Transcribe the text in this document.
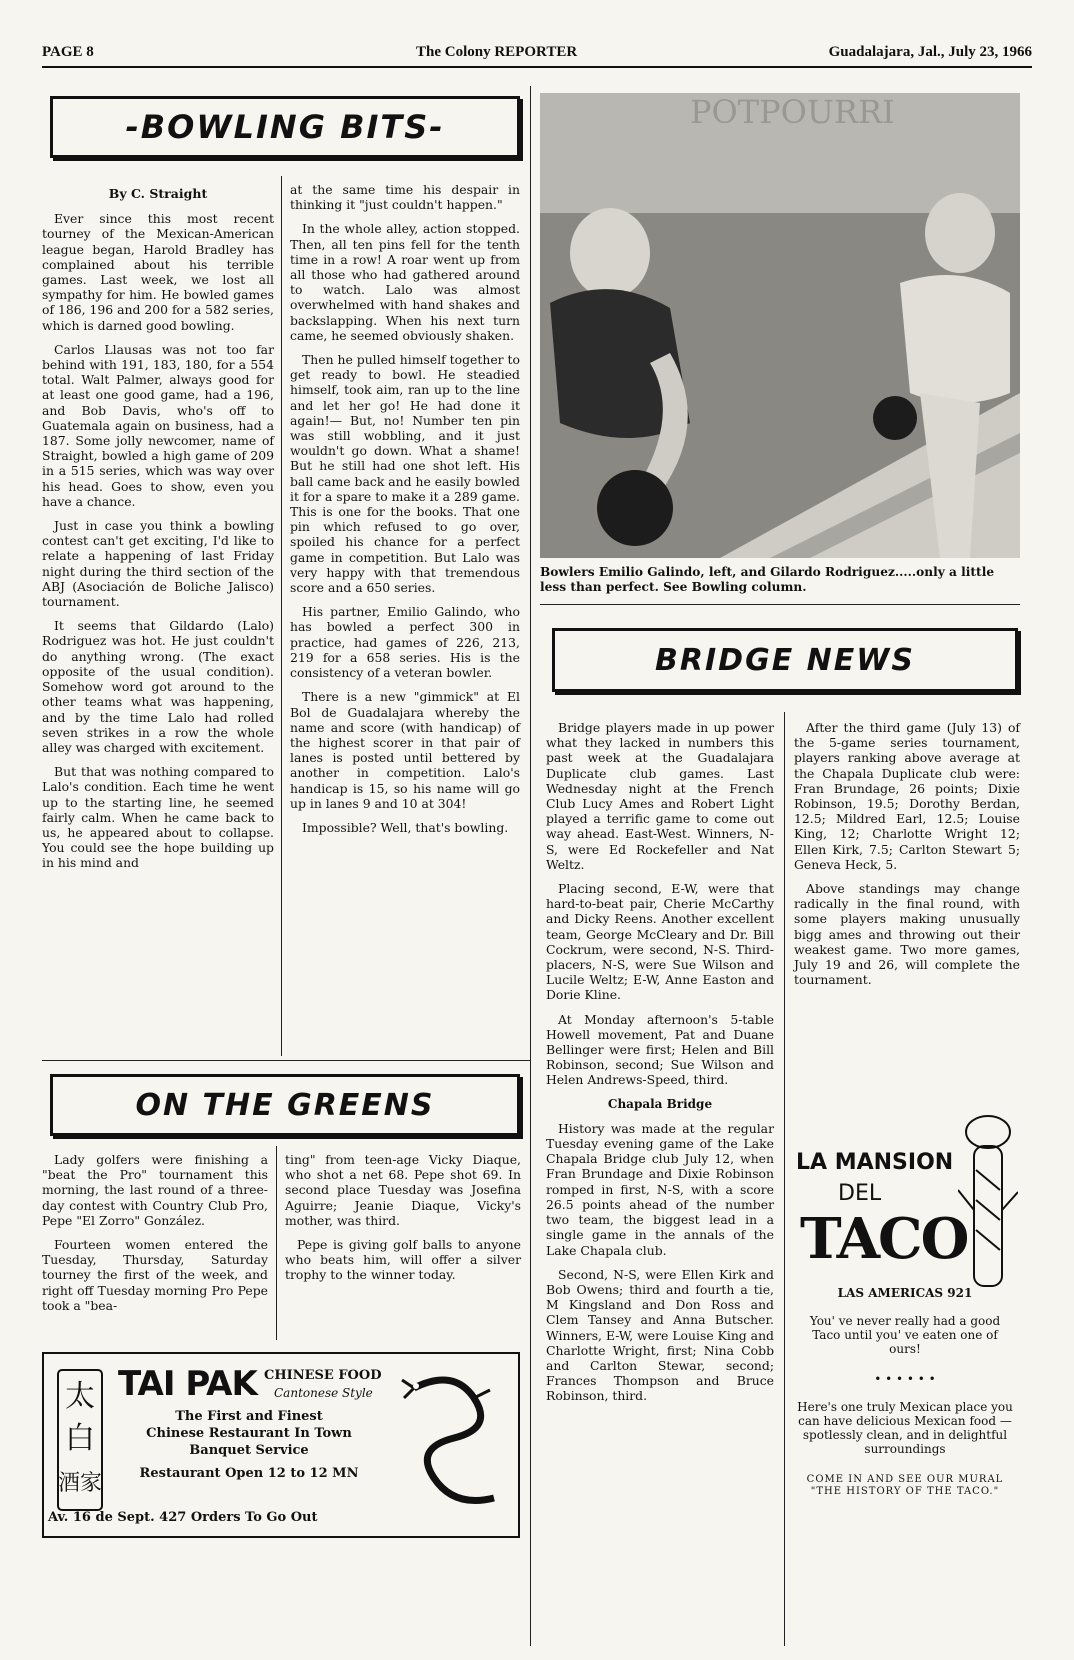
PAGE 8	The Colony REPORTER	Guadalajara, Jal., July 23, 1966
-BOWLING BITS-
By C. Straight

Ever since this most recent tourney of the Mexican-American league began, Harold Bradley has complained about his terrible games. Last week, we lost all sympathy for him. He bowled games of 186, 196 and 200 for a 582 series, which is darned good bowling.

Carlos Llausas was not too far behind with 191, 183, 180, for a 554 total. Walt Palmer, always good for at least one good game, had a 196, and Bob Davis, who's off to Guatemala again on business, had a 187. Some jolly newcomer, name of Straight, bowled a high game of 209 in a 515 series, which was way over his head. Goes to show, even you have a chance.

Just in case you think a bowling contest can't get exciting, I'd like to relate a happening of last Friday night during the third section of the ABJ (Asociación de Boliche Jalisco) tournament.

It seems that Gildardo (Lalo) Rodriguez was hot. He just couldn't do anything wrong. (The exact opposite of the usual condition). Somehow word got around to the other teams what was happening, and by the time Lalo had rolled seven strikes in a row the whole alley was charged with excitement.

But that was nothing compared to Lalo's condition. Each time he went up to the starting line, he seemed fairly calm. When he came back to us, he appeared about to collapse. You could see the hope building up in his mind and

at the same time his despair in thinking it "just couldn't happen."

In the whole alley, action stopped. Then, all ten pins fell for the tenth time in a row! A roar went up from all those who had gathered around to watch. Lalo was almost overwhelmed with hand shakes and backslapping. When his next turn came, he seemed obviously shaken.

Then he pulled himself together to get ready to bowl. He steadied himself, took aim, ran up to the line and let her go! He had done it again!— But, no! Number ten pin was still wobbling, and it just wouldn't go down. What a shame! But he still had one shot left. His ball came back and he easily bowled it for a spare to make it a 289 game. This is one for the books. That one pin which refused to go over, spoiled his chance for a perfect game in competition. But Lalo was very happy with that tremendous score and a 650 series.

His partner, Emilio Galindo, who has bowled a perfect 300 in practice, had games of 226, 213, 219 for a 658 series. His is the consistency of a veteran bowler.

There is a new "gimmick" at El Bol de Guadalajara whereby the name and score (with handicap) of the highest scorer in that pair of lanes is posted until bettered by another in competition. Lalo's handicap is 15, so his name will go up in lanes 9 and 10 at 304!

Impossible? Well, that's bowling.

POTPOURRI
Bowlers Emilio Galindo, left, and Gilardo Rodriguez.....only a little less than perfect. See Bowling column.
BRIDGE NEWS

Bridge players made in up power what they lacked in numbers this past week at the Guadalajara Duplicate club games. Last Wednesday night at the French Club Lucy Ames and Robert Light played a terrific game to come out way ahead. East-West. Winners, N-S, were Ed Rockefeller and Nat Weltz.

Placing second, E-W, were that hard-to-beat pair, Cherie McCarthy and Dicky Reens. Another excellent team, George McCleary and Dr. Bill Cockrum, were second, N-S. Third-placers, N-S, were Sue Wilson and Lucile Weltz; E-W, Anne Easton and Dorie Kline.

At Monday afternoon's 5-table Howell movement, Pat and Duane Bellinger were first; Helen and Bill Robinson, second; Sue Wilson and Helen Andrews-Speed, third.

Chapala Bridge

History was made at the regular Tuesday evening game of the Lake Chapala Bridge club July 12, when Fran Brundage and Dixie Robinson romped in first, N-S, with a score 26.5 points ahead of the number two team, the biggest lead in a single game in the annals of the Lake Chapala club.

Second, N-S, were Ellen Kirk and Bob Owens; third and fourth a tie, M Kingsland and Don Ross and Clem Tansey and Anna Butscher. Winners, E-W, were Louise King and Charlotte Wright, first; Nina Cobb and Carlton Stewar, second; Frances Thompson and Bruce Robinson, third.

After the third game (July 13) of the 5-game series tournament, players ranking above average at the Chapala Duplicate club were: Fran Brundage, 26 points; Dixie Robinson, 19.5; Dorothy Berdan, 12.5; Mildred Earl, 12.5; Louise King, 12; Charlotte Wright 12; Ellen Kirk, 7.5; Carlton Stewart 5; Geneva Heck, 5.

Above standings may change radically in the final round, with some players making unusually bigg ames and throwing out their weakest game. Two more games, July 19 and 26, will complete the tournament.

LA MANSION
DEL
TACO
LAS AMERICAS 921
You' ve never really had a good Taco until you' ve eaten one of ours!
• • • • • •
Here's one truly Mexican place you can have delicious Mexican food — spotlessly clean, and in delightful surroundings
COME IN AND SEE OUR MURAL "THE HISTORY OF THE TACO."
ON THE GREENS

Lady golfers were finishing a "beat the Pro" tournament this morning, the last round of a three-day contest with Country Club Pro, Pepe "El Zorro" González.

Fourteen women entered the Tuesday, Thursday, Saturday tourney the first of the week, and right off Tuesday morning Pro Pepe took a "bea-

ting" from teen-age Vicky Diaque, who shot a net 68. Pepe shot 69. In second place Tuesday was Josefina Aguirre; Jeanie Diaque, Vicky's mother, was third.

Pepe is giving golf balls to anyone who beats him, will offer a silver trophy to the winner today.

太
白
酒家
TAI PAK CHINESE FOOD
Cantonese Style
The First and Finest
Chinese Restaurant In Town
Banquet Service
Restaurant Open 12 to 12 MN
Av. 16 de Sept. 427 Orders To Go Out
